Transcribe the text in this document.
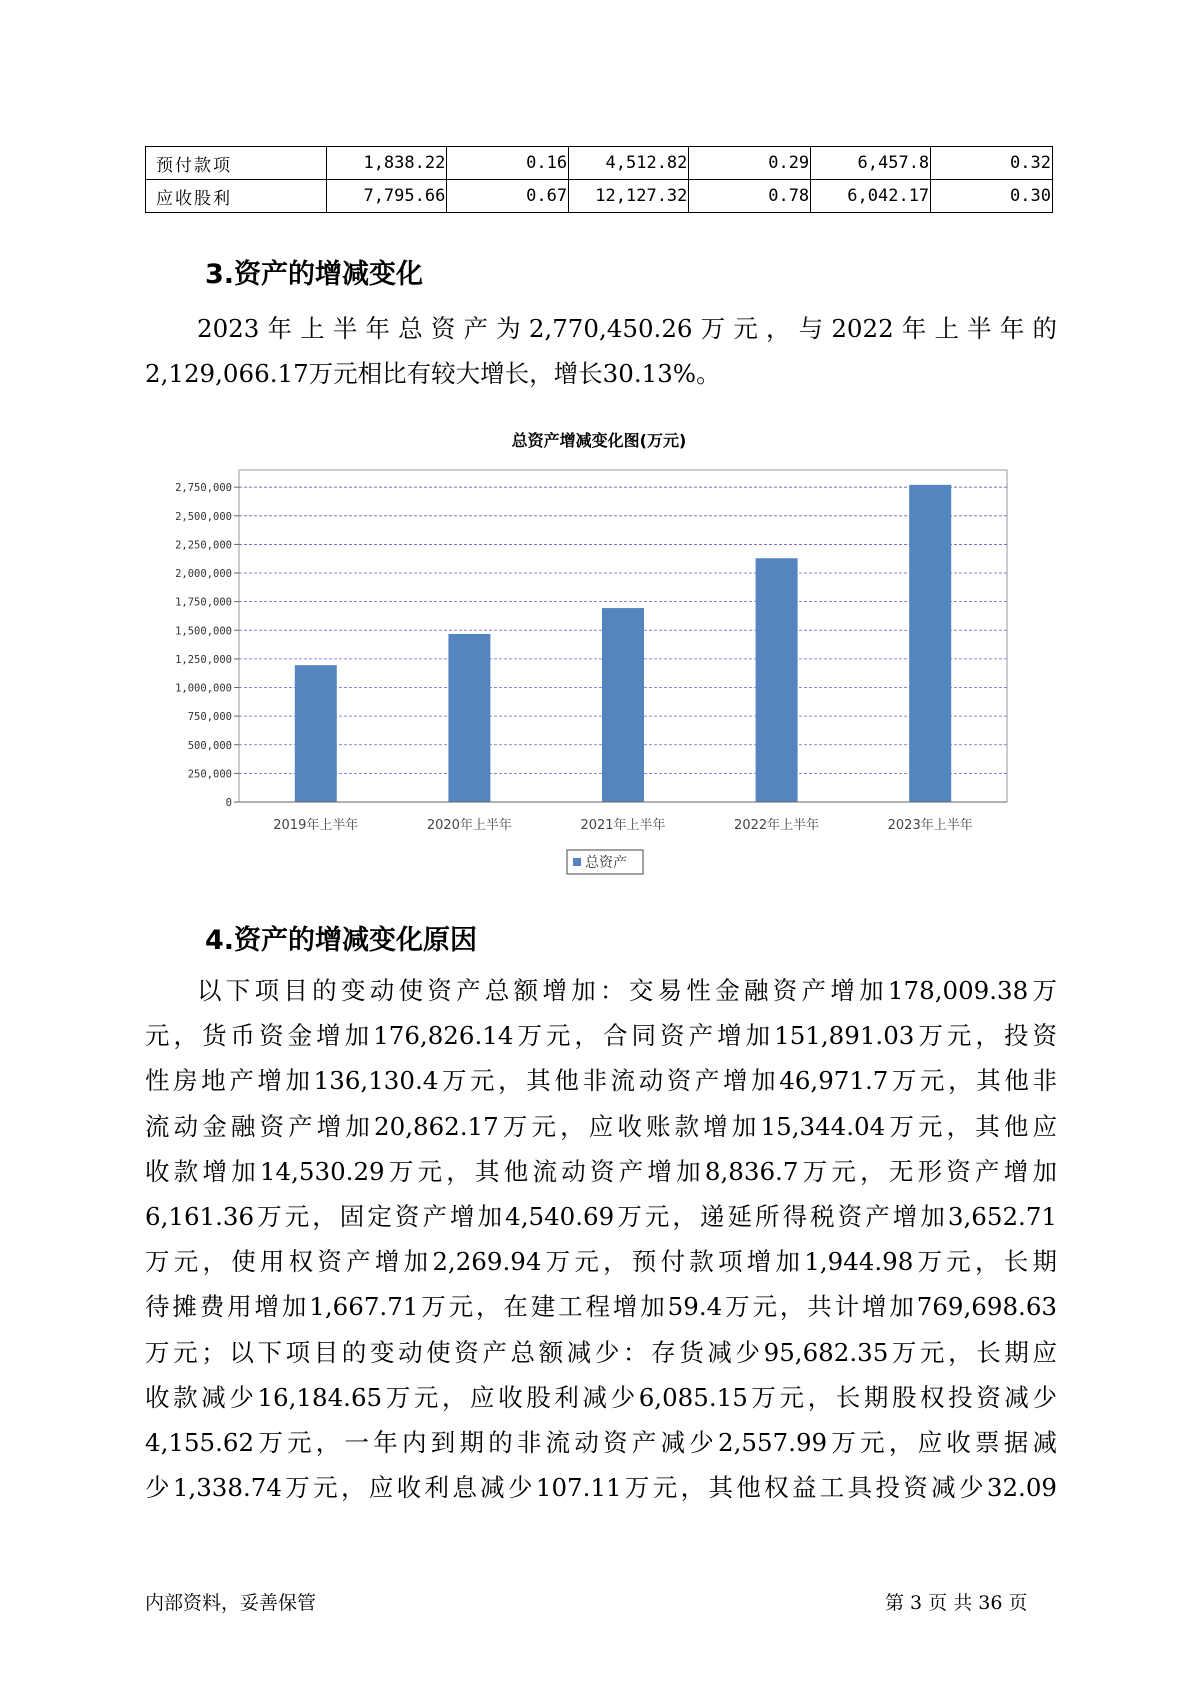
预付款项	1,838.22	0.16	4,512.82	0.29	6,457.8	0.32
应收股利	7,795.66	0.67	12,127.32	0.78	6,042.17	0.30
3.资产的增减变化

2023年上半年总资产为2,770,450.26万元，与2022年上半年的

2,129,066.17万元相比有较大增长，增长30.13%。

总资产增减变化图(万元)
0
250,000
500,000
750,000
1,000,000
1,250,000
1,500,000
1,750,000
2,000,000
2,250,000
2,500,000
2,750,000
2019年上半年	2020年上半年	2021年上半年	2022年上半年	2023年上半年
总资产
4.资产的增减变化原因

以下项目的变动使资产总额增加：交易性金融资产增加178,009.38万

元，货币资金增加176,826.14万元，合同资产增加151,891.03万元，投资

性房地产增加136,130.4万元，其他非流动资产增加46,971.7万元，其他非

流动金融资产增加20,862.17万元，应收账款增加15,344.04万元，其他应

收款增加14,530.29万元，其他流动资产增加8,836.7万元，无形资产增加

6,161.36万元，固定资产增加4,540.69万元，递延所得税资产增加3,652.71

万元，使用权资产增加2,269.94万元，预付款项增加1,944.98万元，长期

待摊费用增加1,667.71万元，在建工程增加59.4万元，共计增加769,698.63

万元；以下项目的变动使资产总额减少：存货减少95,682.35万元，长期应

收款减少16,184.65万元，应收股利减少6,085.15万元，长期股权投资减少

4,155.62万元，一年内到期的非流动资产减少2,557.99万元，应收票据减

少1,338.74万元，应收利息减少107.11万元，其他权益工具投资减少32.09

内部资料，妥善保管	第 3 页 共 36 页
